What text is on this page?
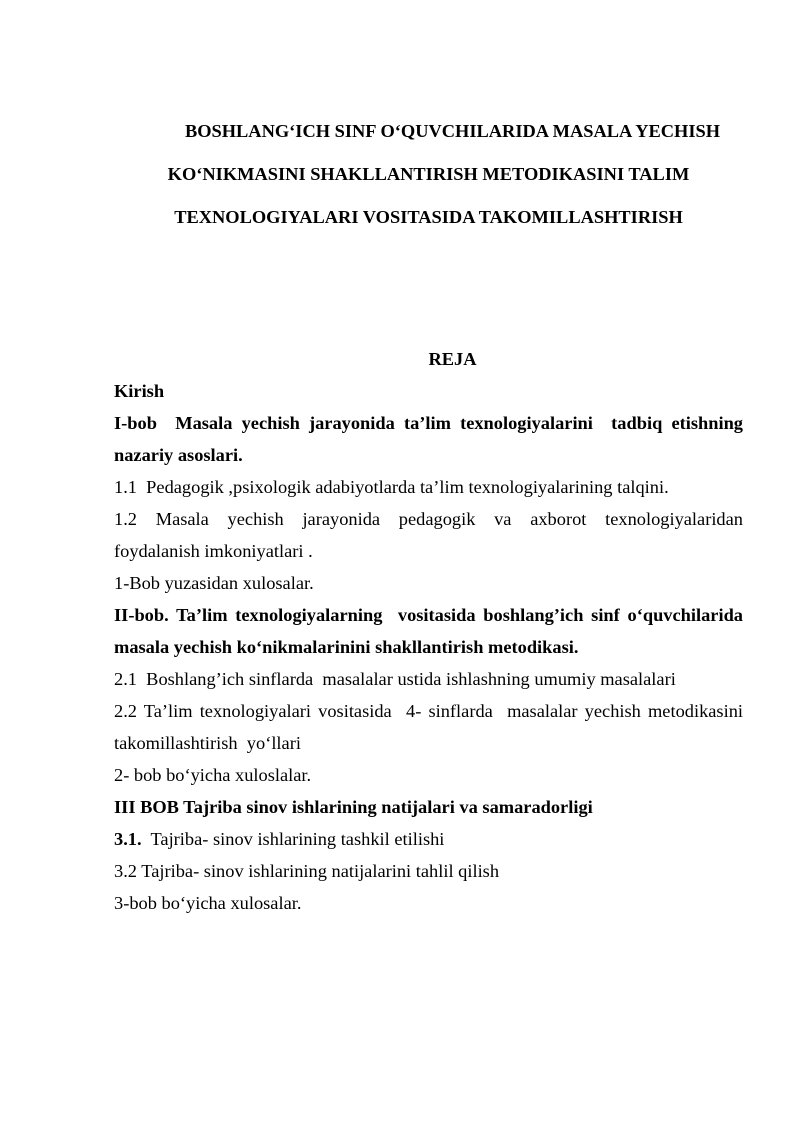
BOSHLANGʻICH SINF OʻQUVCHILARIDA MASALA YECHISH
KOʻNIKMASINI SHAKLLANTIRISH METODIKASINI TALIM
TEXNOLOGIYALARI VOSITASIDA TAKOMILLASHTIRISH
REJA
Kirish
I-bob  Masala yechish jarayonida ta’lim texnologiyalarini  tadbiq etishning
nazariy asoslari.
1.1  Pedagogik ,psixologik adabiyotlarda ta’lim texnologiyalarining talqini.
1.2 Masala yechish jarayonida pedagogik va axborot texnologiyalaridan
foydalanish imkoniyatlari .
1-Bob yuzasidan xulosalar.
II-bob. Ta’lim texnologiyalarning  vositasida boshlang’ich sinf oʻquvchilarida
masala yechish koʻnikmalarinini shakllantirish metodikasi.
2.1  Boshlang’ich sinflarda  masalalar ustida ishlashning umumiy masalalari
2.2 Ta’lim texnologiyalari vositasida  4- sinflarda  masalalar yechish metodikasini
takomillashtirish  yoʻllari
2- bob boʻyicha xuloslalar.
III BOB Tajriba sinov ishlarining natijalari va samaradorligi
3.1.  Tajriba- sinov ishlarining tashkil etilishi
3.2 Tajriba- sinov ishlarining natijalarini tahlil qilish
3-bob boʻyicha xulosalar.
